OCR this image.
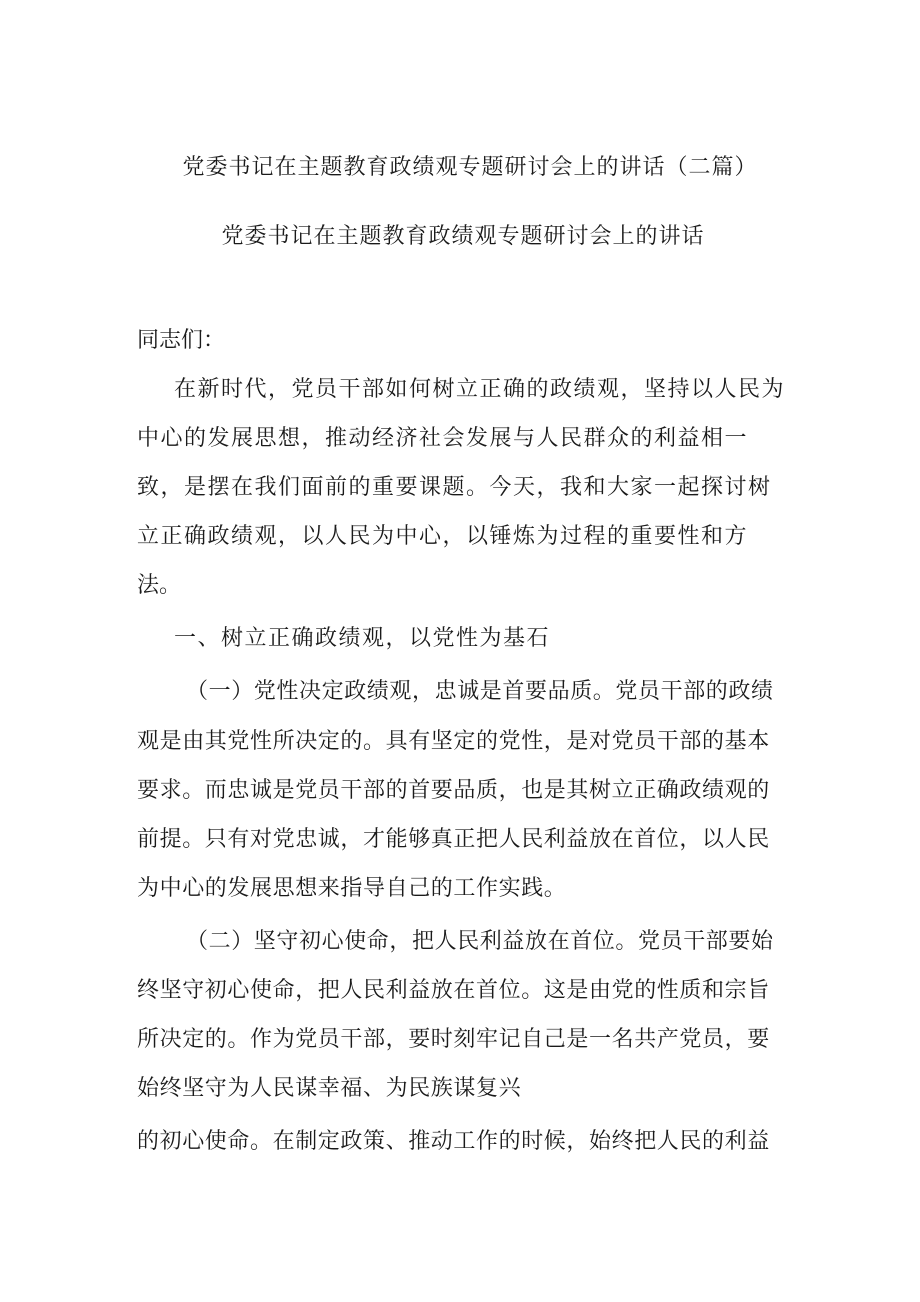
党委书记在主题教育政绩观专题研讨会上的讲话（二篇）
党委书记在主题教育政绩观专题研讨会上的讲话
同志们：
在新时代，党员干部如何树立正确的政绩观，坚持以人民为
中心的发展思想，推动经济社会发展与人民群众的利益相一
致，是摆在我们面前的重要课题。今天，我和大家一起探讨树
立正确政绩观，以人民为中心，以锤炼为过程的重要性和方
法。
一、树立正确政绩观，以党性为基石
（一）党性决定政绩观，忠诚是首要品质。党员干部的政绩
观是由其党性所决定的。具有坚定的党性，是对党员干部的基本
要求。而忠诚是党员干部的首要品质，也是其树立正确政绩观的
前提。只有对党忠诚，才能够真正把人民利益放在首位，以人民
为中心的发展思想来指导自己的工作实践。
（二）坚守初心使命，把人民利益放在首位。党员干部要始
终坚守初心使命，把人民利益放在首位。这是由党的性质和宗旨
所决定的。作为党员干部，要时刻牢记自己是一名共产党员，要
始终坚守为人民谋幸福、为民族谋复兴
的初心使命。在制定政策、推动工作的时候，始终把人民的利益
